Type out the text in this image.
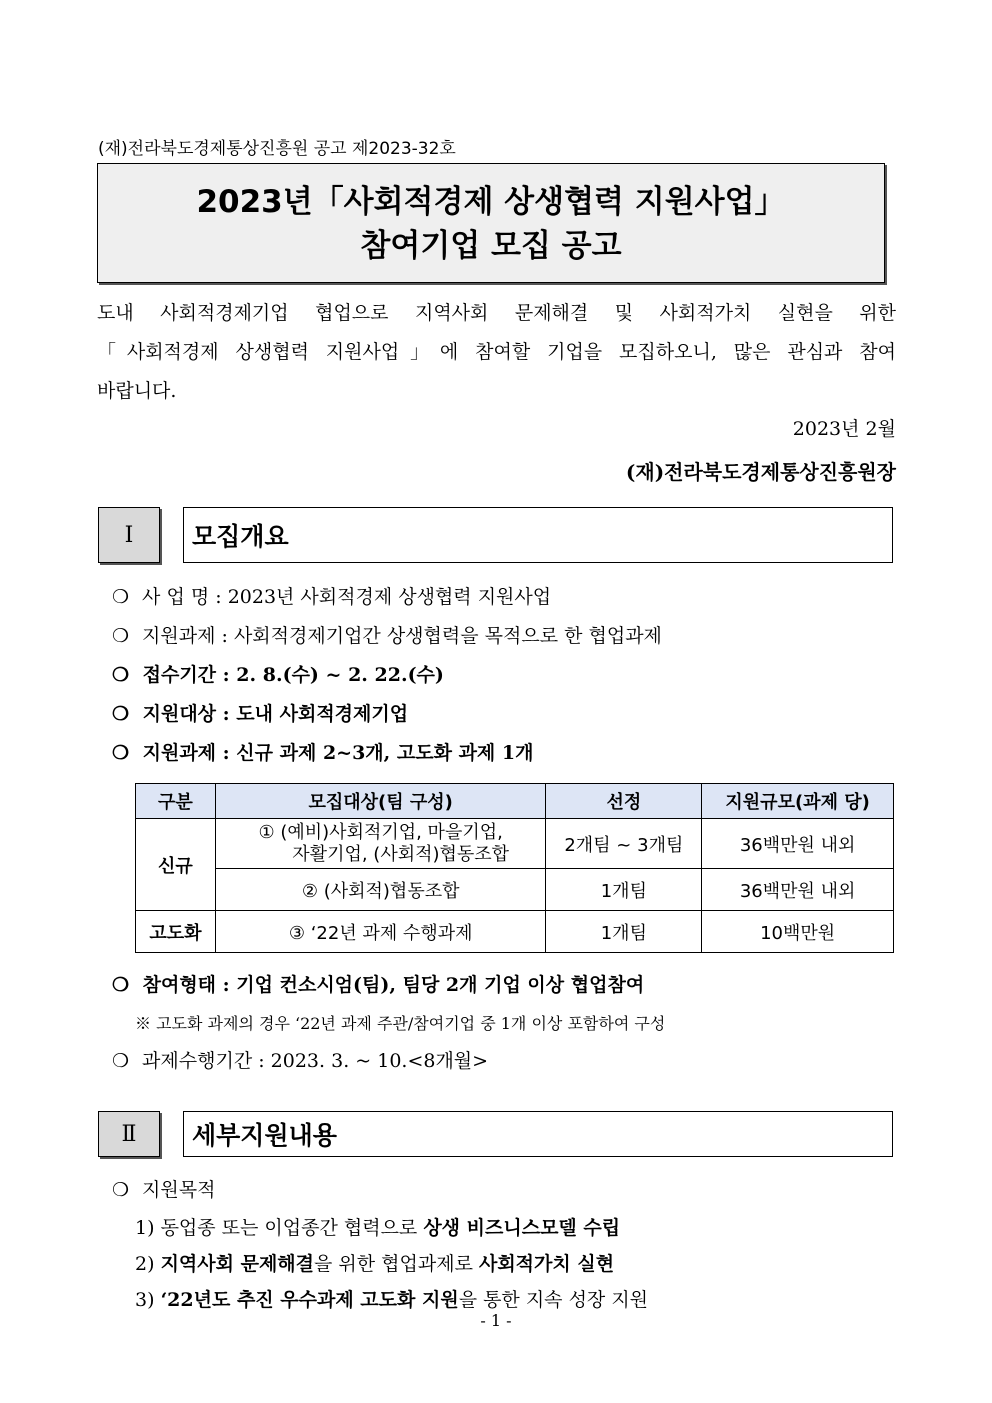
(재)전라북도경제통상진흥원 공고 제2023-32호
2023년「사회적경제 상생협력 지원사업」
참여기업 모집 공고
도내 사회적경제기업 협업으로 지역사회 문제해결 및 사회적가치 실현을 위한
「사회적경제 상생협력 지원사업」에 참여할 기업을 모집하오니, 많은 관심과 참여
바랍니다.
2023년 2월
(재)전라북도경제통상진흥원장
Ⅰ	모집개요
❍ 사 업 명 : 2023년 사회적경제 상생협력 지원사업
❍ 지원과제 : 사회적경제기업간 상생협력을 목적으로 한 협업과제
❍ 접수기간 : 2. 8.(수) ~ 2. 22.(수)
❍ 지원대상 : 도내 사회적경제기업
❍ 지원과제 : 신규 과제 2~3개, 고도화 과제 1개
구분	모집대상(팀 구성)	선정	지원규모(과제 당)
신규	① (예비)사회적기업, 마을기업,
자활기업, (사회적)협동조합	2개팀 ~ 3개팀	36백만원 내외
	② (사회적)협동조합	1개팀	36백만원 내외
고도화	③ ‘22년 과제 수행과제	1개팀	10백만원
❍ 참여형태 : 기업 컨소시엄(팀), 팀당 2개 기업 이상 협업참여
※ 고도화 과제의 경우 ‘22년 과제 주관/참여기업 중 1개 이상 포함하여 구성
❍ 과제수행기간 : 2023. 3. ~ 10.<8개월>
Ⅱ	세부지원내용
❍ 지원목적
1) 동업종 또는 이업종간 협력으로 상생 비즈니스모델 수립
2) 지역사회 문제해결을 위한 협업과제로 사회적가치 실현
3) ‘22년도 추진 우수과제 고도화 지원을 통한 지속 성장 지원
- 1 -
